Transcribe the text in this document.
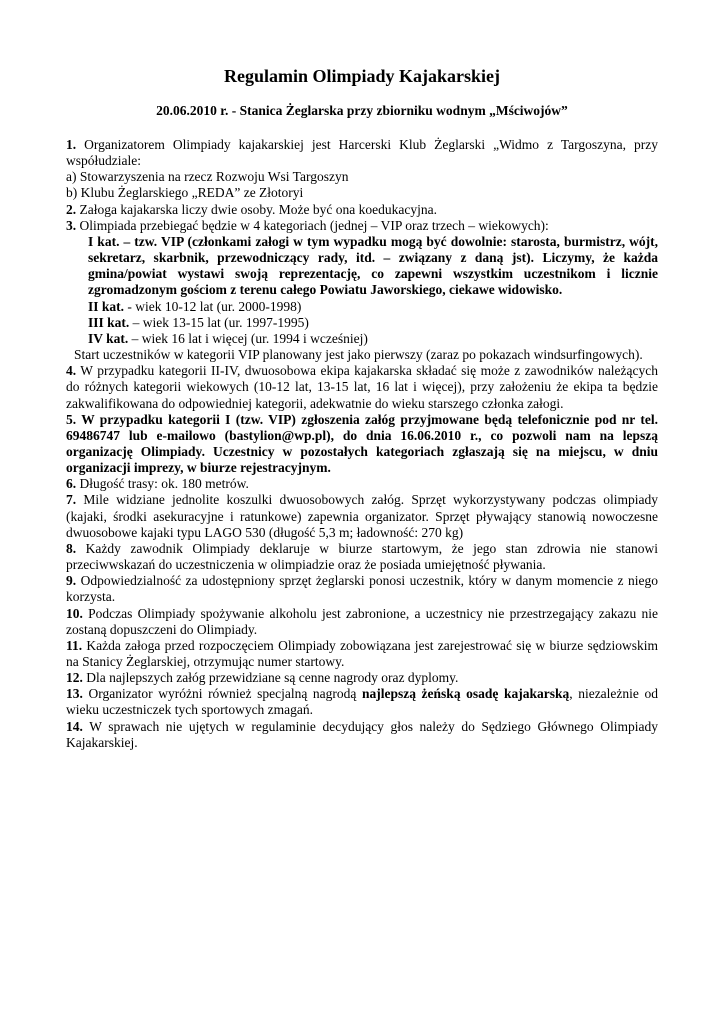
Regulamin Olimpiady Kajakarskiej
20.06.2010 r. - Stanica Żeglarska przy zbiorniku wodnym „Mściwojów”

1. Organizatorem Olimpiady kajakarskiej jest Harcerski Klub Żeglarski „Widmo z Targoszyna, przy współudziale:

a) Stowarzyszenia na rzecz Rozwoju Wsi Targoszyn

b) Klubu Żeglarskiego „REDA” ze Złotoryi

2. Załoga kajakarska liczy dwie osoby. Może być ona koedukacyjna.

3. Olimpiada przebiegać będzie w 4 kategoriach (jednej – VIP oraz trzech – wiekowych):

I kat. – tzw. VIP (członkami załogi w tym wypadku mogą być dowolnie: starosta, burmistrz, wójt, sekretarz, skarbnik, przewodniczący rady, itd. – związany z daną jst). Liczymy, że każda gmina/powiat wystawi swoją reprezentację, co zapewni wszystkim uczestnikom i licznie zgromadzonym gościom z terenu całego Powiatu Jaworskiego, ciekawe widowisko.

II kat. - wiek 10-12 lat (ur. 2000-1998)

III kat. – wiek 13-15 lat (ur. 1997-1995)

IV kat. – wiek 16 lat i więcej (ur. 1994 i wcześniej)

Start uczestników w kategorii VIP planowany jest jako pierwszy (zaraz po pokazach windsurfingowych).

4. W przypadku kategorii II-IV, dwuosobowa ekipa kajakarska składać się może z zawodników należących do różnych kategorii wiekowych (10-12 lat, 13-15 lat, 16 lat i więcej), przy założeniu że ekipa ta będzie zakwalifikowana do odpowiedniej kategorii, adekwatnie do wieku starszego członka załogi.

5. W przypadku kategorii I (tzw. VIP) zgłoszenia załóg przyjmowane będą telefonicznie pod nr tel. 69486747 lub e-mailowo (bastylion@wp.pl), do dnia 16.06.2010 r., co pozwoli nam na lepszą organizację Olimpiady. Uczestnicy w pozostałych kategoriach zgłaszają się na miejscu, w dniu organizacji imprezy, w biurze rejestracyjnym.

6. Długość trasy: ok. 180 metrów.

7. Mile widziane jednolite koszulki dwuosobowych załóg. Sprzęt wykorzystywany podczas olimpiady (kajaki, środki asekuracyjne i ratunkowe) zapewnia organizator. Sprzęt pływający stanowią nowoczesne dwuosobowe kajaki typu LAGO 530 (długość 5,3 m; ładowność: 270 kg)

8. Każdy zawodnik Olimpiady deklaruje w biurze startowym, że jego stan zdrowia nie stanowi przeciwwskazań do uczestniczenia w olimpiadzie oraz że posiada umiejętność pływania.

9. Odpowiedzialność za udostępniony sprzęt żeglarski ponosi uczestnik, który w danym momencie z niego korzysta.

10. Podczas Olimpiady spożywanie alkoholu jest zabronione, a uczestnicy nie przestrzegający zakazu nie zostaną dopuszczeni do Olimpiady.

11. Każda załoga przed rozpoczęciem Olimpiady zobowiązana jest zarejestrować się w biurze sędziowskim na Stanicy Żeglarskiej, otrzymując numer startowy.

12. Dla najlepszych załóg przewidziane są cenne nagrody oraz dyplomy.

13. Organizator wyróżni również specjalną nagrodą najlepszą żeńską osadę kajakarską, niezależnie od wieku uczestniczek tych sportowych zmagań.

14. W sprawach nie ujętych w regulaminie decydujący głos należy do Sędziego Głównego Olimpiady Kajakarskiej.
